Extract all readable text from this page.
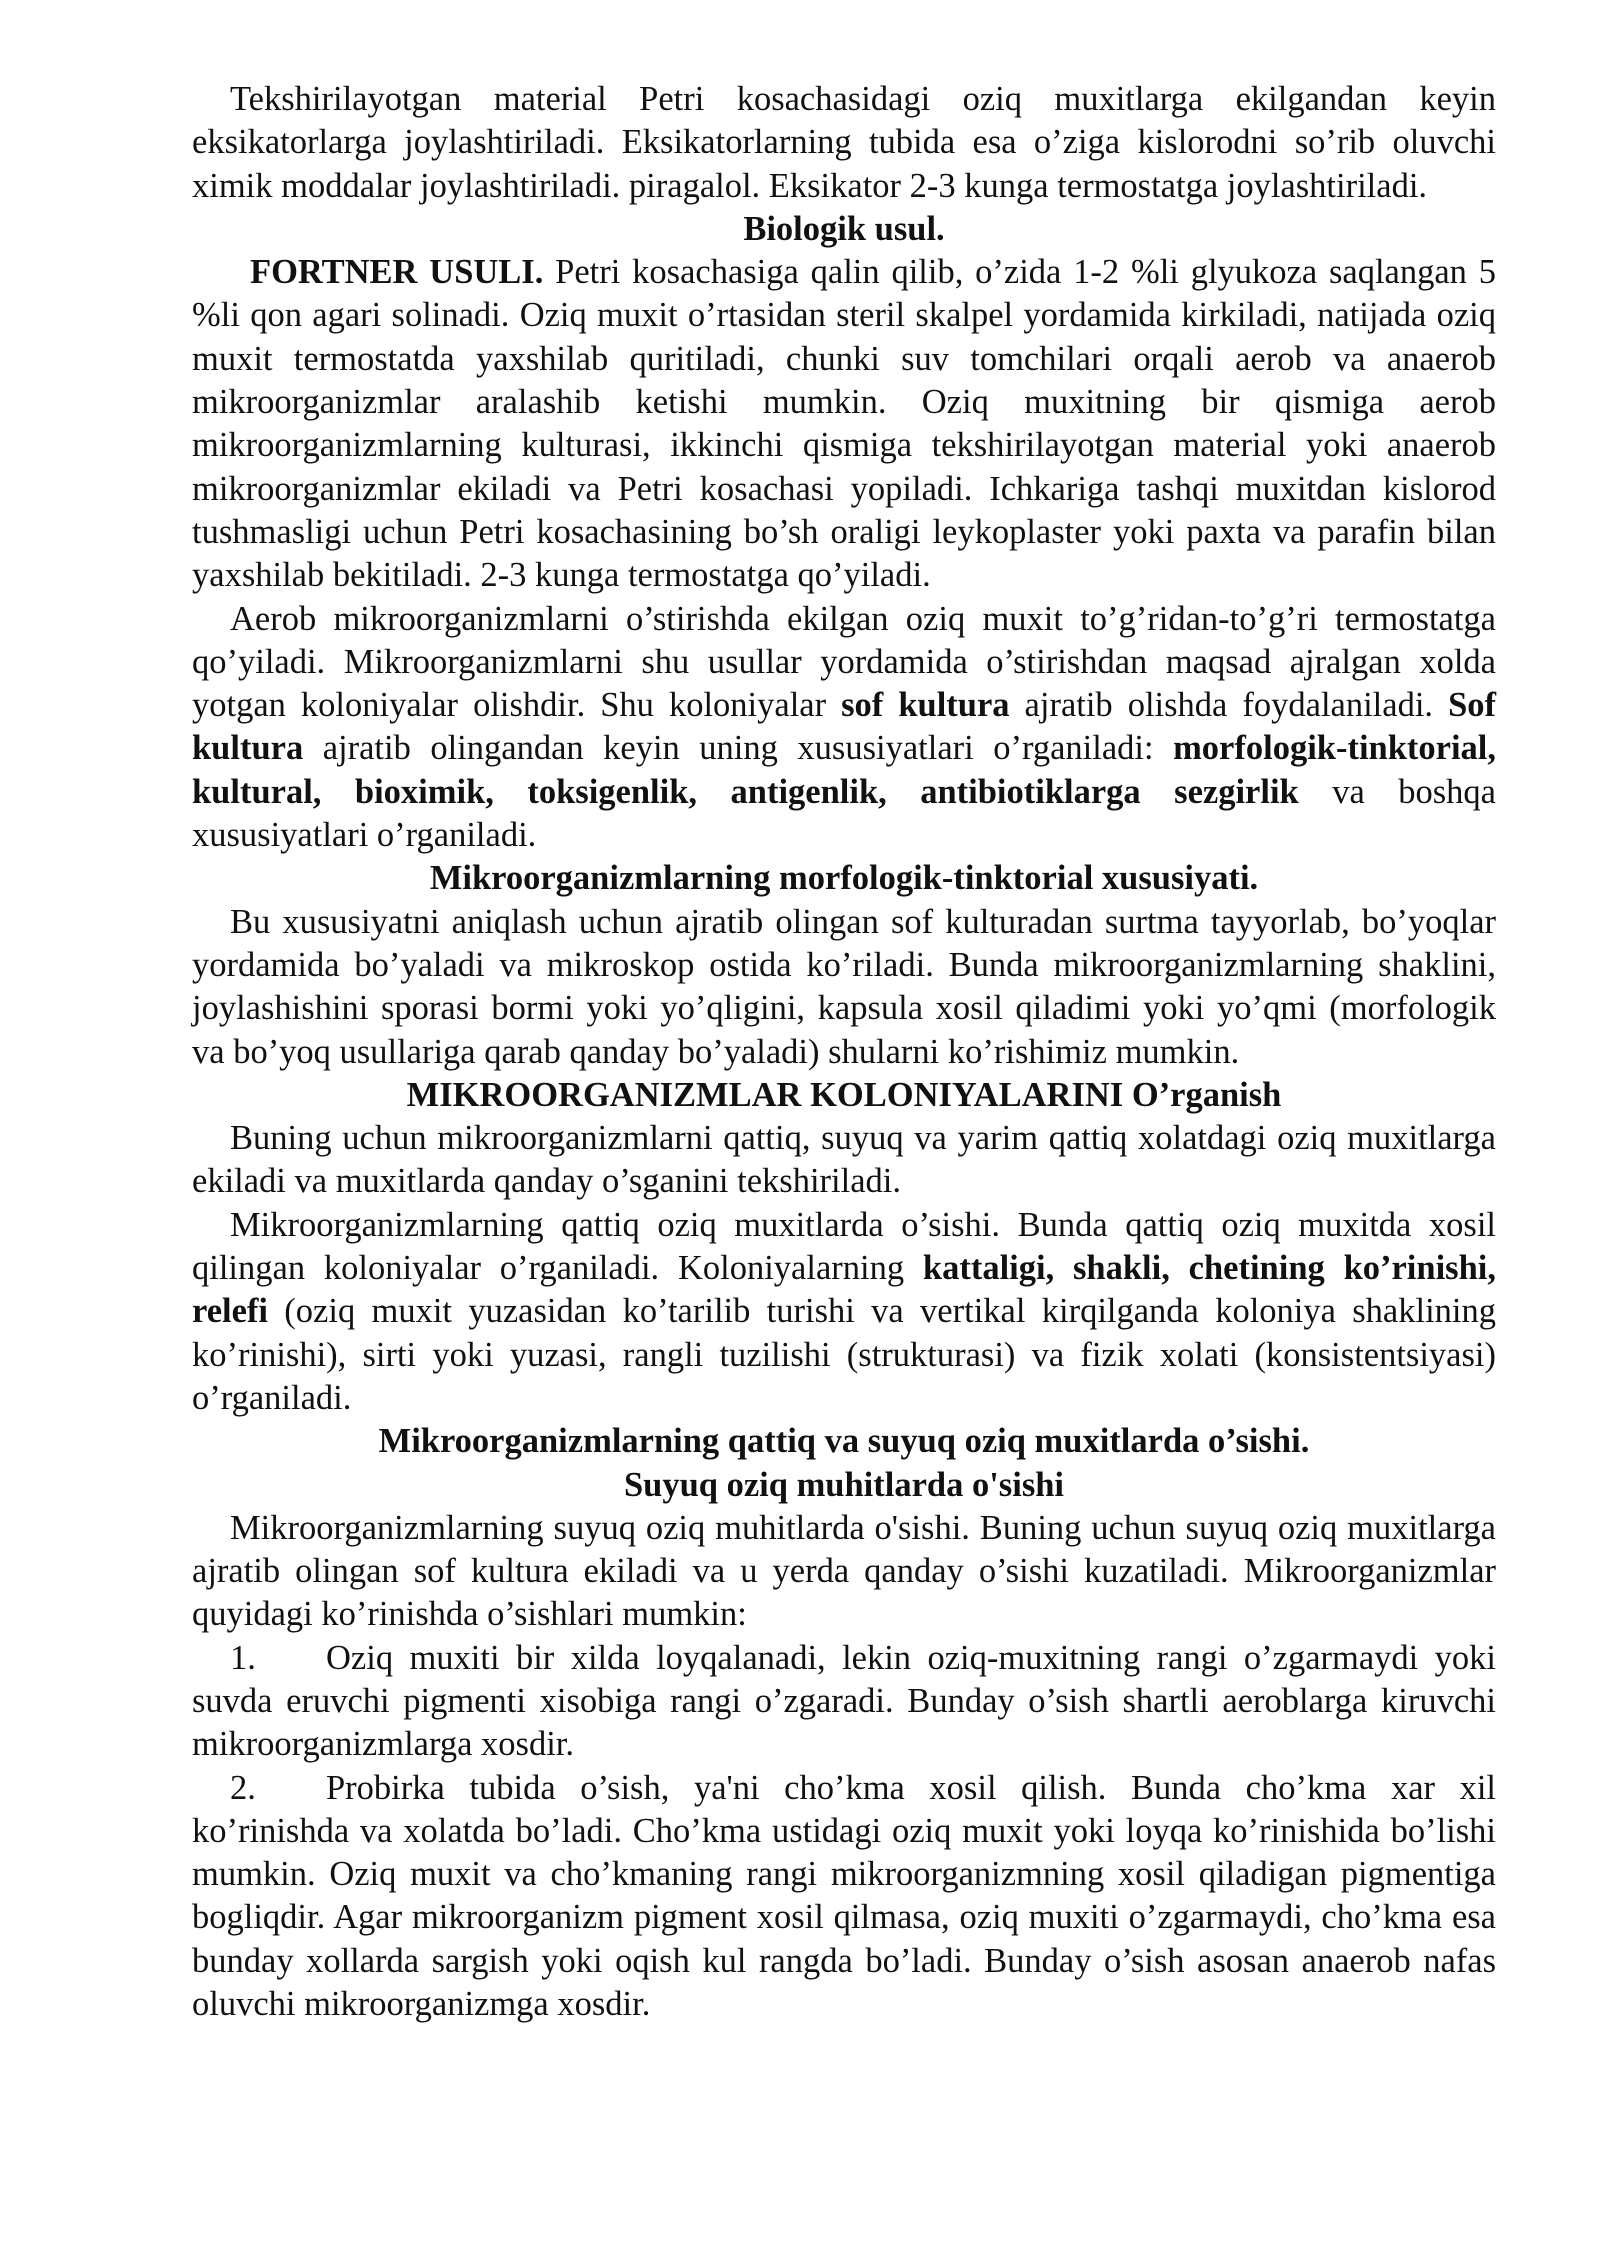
Tekshirilayotgan material Petri kosachasidagi oziq muxitlarga ekilgandan keyin eksikatorlarga joylashtiriladi. Eksikatorlarning tubida esa o’ziga kislorodni so’rib oluvchi ximik moddalar joylashtiriladi. piragalol. Eksikator 2-3 kunga termostatga joylashtiriladi.

Biologik usul.

FORTNER USULI. Petri kosachasiga qalin qilib, o’zida 1-2 %li glyukoza saqlangan 5 %li qon agari solinadi. Oziq muxit o’rtasidan steril skalpel yordamida kirkiladi, natijada oziq muxit termostatda yaxshilab quritiladi, chunki suv tomchilari orqali aerob va anaerob mikroorganizmlar aralashib ketishi mumkin. Oziq muxitning bir qismiga aerob mikroorganizmlarning kulturasi, ikkinchi qismiga tekshirilayotgan material yoki anaerob mikroorganizmlar ekiladi va Petri kosachasi yopiladi. Ichkariga tashqi muxitdan kislorod tushmasligi uchun Petri kosachasining bo’sh oraligi leykoplaster yoki paxta va parafin bilan yaxshilab bekitiladi. 2-3 kunga termostatga qo’yiladi.

Aerob mikroorganizmlarni o’stirishda ekilgan oziq muxit to’g’ridan-to’g’ri termostatga qo’yiladi. Mikroorganizmlarni shu usullar yordamida o’stirishdan maqsad ajralgan xolda yotgan koloniyalar olishdir. Shu koloniyalar sof kultura ajratib olishda foydalaniladi. Sof kultura ajratib olingandan keyin uning xususiyatlari o’rganiladi: morfologik-tinktorial, kultural, bioximik, toksigenlik, antigenlik, antibiotiklarga sezgirlik va boshqa xususiyatlari o’rganiladi.

Mikroorganizmlarning morfologik-tinktorial xususiyati.

Bu xususiyatni aniqlash uchun ajratib olingan sof kulturadan surtma tayyorlab, bo’yoqlar yordamida bo’yaladi va mikroskop ostida ko’riladi. Bunda mikroorganizmlarning shaklini, joylashishini sporasi bormi yoki yo’qligini, kapsula xosil qiladimi yoki yo’qmi (morfologik va bo’yoq usullariga qarab qanday bo’yaladi) shularni ko’rishimiz mumkin.

MIKROORGANIZMLAR KOLONIYALARINI O’rganish

Buning uchun mikroorganizmlarni qattiq, suyuq va yarim qattiq xolatdagi oziq muxitlarga ekiladi va muxitlarda qanday o’sganini tekshiriladi.

Mikroorganizmlarning qattiq oziq muxitlarda o’sishi. Bunda qattiq oziq muxitda xosil qilingan koloniyalar o’rganiladi. Koloniyalarning kattaligi, shakli, chetining ko’rinishi, relefi (oziq muxit yuzasidan ko’tarilib turishi va vertikal kirqilganda koloniya shaklining ko’rinishi), sirti yoki yuzasi, rangli tuzilishi (strukturasi) va fizik xolati (konsistentsiyasi) o’rganiladi.

Mikroorganizmlarning qattiq va suyuq oziq muxitlarda o’sishi.

Suyuq oziq muhitlarda o'sishi

Mikroorganizmlarning suyuq oziq muhitlarda o'sishi. Buning uchun suyuq oziq muxitlarga ajratib olingan sof kultura ekiladi va u yerda qanday o’sishi kuzatiladi. Mikroorganizmlar quyidagi ko’rinishda o’sishlari mumkin:

1. Oziq muxiti bir xilda loyqalanadi, lekin oziq-muxitning rangi o’zgarmaydi yoki suvda eruvchi pigmenti xisobiga rangi o’zgaradi. Bunday o’sish shartli aeroblarga kiruvchi mikroorganizmlarga xosdir.

2. Probirka tubida o’sish, ya'ni cho’kma xosil qilish. Bunda cho’kma xar xil ko’rinishda va xolatda bo’ladi. Cho’kma ustidagi oziq muxit yoki loyqa ko’rinishida bo’lishi mumkin. Oziq muxit va cho’kmaning rangi mikroorganizmning xosil qiladigan pigmentiga bogliqdir. Agar mikroorganizm pigment xosil qilmasa, oziq muxiti o’zgarmaydi, cho’kma esa bunday xollarda sargish yoki oqish kul rangda bo’ladi. Bunday o’sish asosan anaerob nafas oluvchi mikroorganizmga xosdir.
